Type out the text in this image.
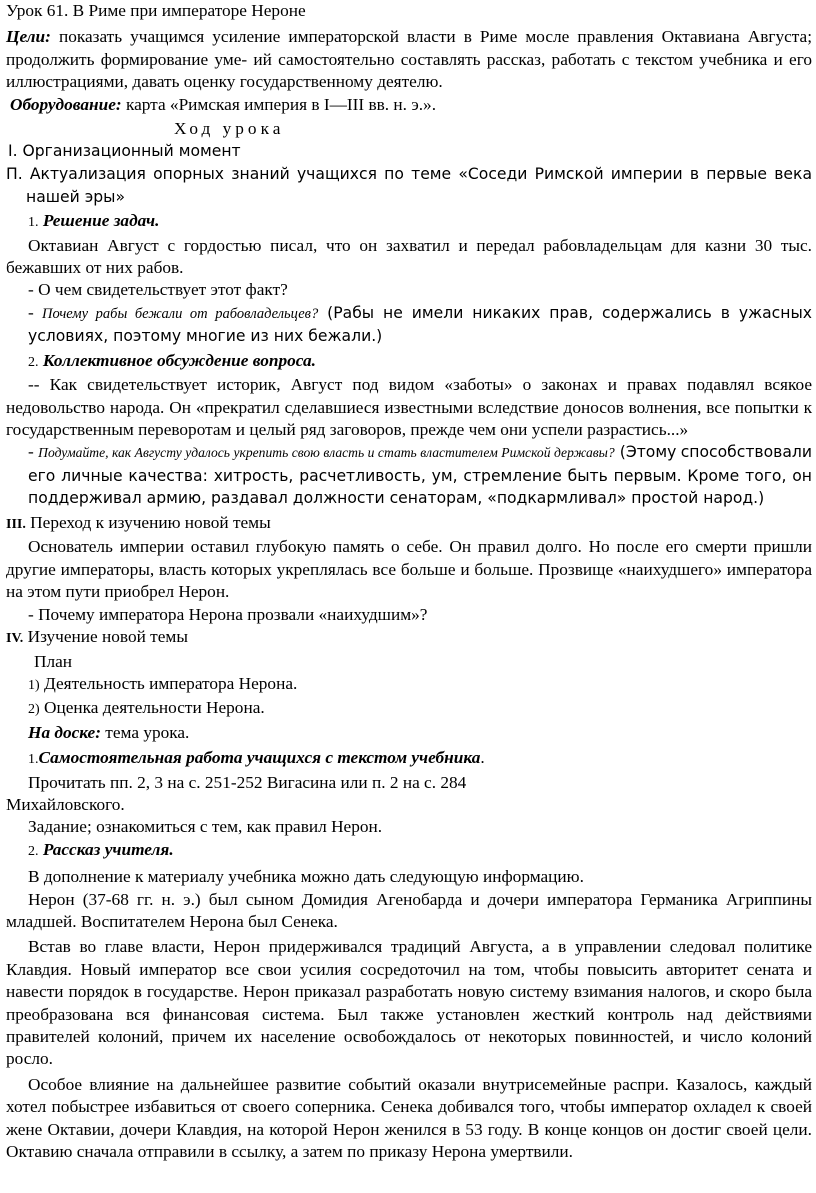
Урок 61. В Риме при императоре Нероне

Цели: показать учащимся усиление императорской власти в Риме мосле правления Октавиана Августа; продолжить формирование уме- ий самостоятельно составлять рассказ, работать с текстом учебника и его иллюстрациями, давать оценку государственному деятелю.

Оборудование: карта «Римская империя в I—III вв. н. э.».

Ход урока

I. Организационный момент

П. Актуализация опорных знаний учащихся по теме «Соседи Римской империи в первые века нашей эры»

1. Решение задач.

Октавиан Август с гордостью писал, что он захватил и передал рабовладельцам для казни 30 тыс. бежавших от них рабов.

- О чем свидетельствует этот факт?

- Почему рабы бежали от рабовладельцев? (Рабы не имели никаких прав, содержались в ужасных условиях, поэтому многие из них бежали.)

2. Коллективное обсуждение вопроса.

-- Как свидетельствует историк, Август под видом «заботы» о законах и правах подавлял всякое недовольство народа. Он «прекратил сделавшиеся известными вследствие доносов волнения, все попытки к государственным переворотам и целый ряд заговоров, прежде чем они успели разрастись...»

- Подумайте, как Августу удалось укрепить свою власть и стать властителем Римской державы? (Этому способствовали его личные качества: хитрость, расчетливость, ум, стремление быть первым. Кроме того, он поддерживал армию, раздавал должности сенаторам, «подкармливал» простой народ.)

III. Переход к изучению новой темы

Основатель империи оставил глубокую память о себе. Он правил долго. Но после его смерти пришли другие императоры, власть которых укреплялась все больше и больше. Прозвище «наихудшего» императора на этом пути приобрел Нерон.

- Почему императора Нерона прозвали «наихудшим»?

IV. Изучение новой темы

План

1) Деятельность императора Нерона.

2) Оценка деятельности Нерона.

На доске: тема урока.

1.Самостоятельная работа учащихся с текстом учебника.

Прочитать пп. 2, 3 на с. 251-252 Вигасина или п. 2 на с. 284

Михайловского.

Задание; ознакомиться с тем, как правил Нерон.

2. Рассказ учителя.

В дополнение к материалу учебника можно дать следующую информацию.

Нерон (37-68 гг. н. э.) был сыном Домидия Агенобарда и дочери императора Германика Агриппины младшей. Воспитателем Нерона был Сенека.

Встав во главе власти, Нерон придерживался традиций Августа, а в управлении следовал политике Клавдия. Новый император все свои усилия сосредоточил на том, чтобы повысить авторитет сената и навести порядок в государстве. Нерон приказал разработать новую систему взимания налогов, и скоро была преобразована вся финансовая система. Был также установлен жесткий контроль над действиями правителей колоний, причем их население освобождалось от некоторых повинностей, и число колоний росло.

Особое влияние на дальнейшее развитие событий оказали внутрисемейные распри. Казалось, каждый хотел побыстрее избавиться от своего соперника. Сенека добивался того, чтобы император охладел к своей жене Октавии, дочери Клавдия, на которой Нерон женился в 53 году. В конце концов он достиг своей цели. Октавию сначала отправили в ссылку, а затем по приказу Нерона умертвили.
